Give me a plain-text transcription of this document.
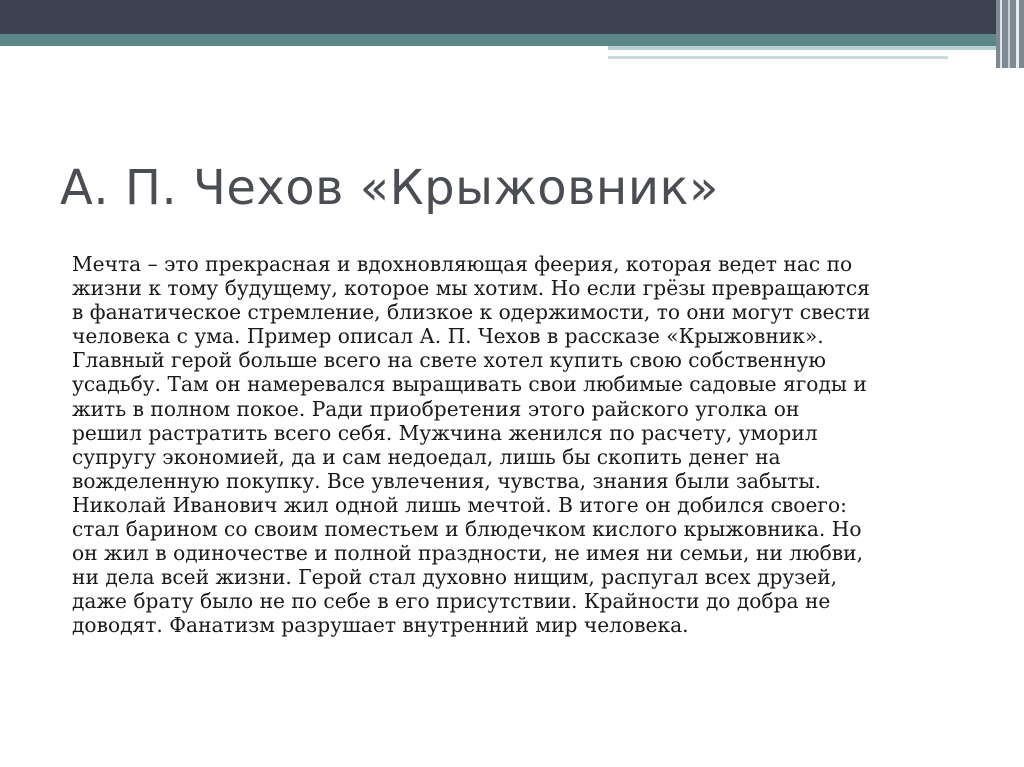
А. П. Чехов «Крыжовник»
Мечта – это прекрасная и вдохновляющая феерия, которая ведет нас по
жизни к тому будущему, которое мы хотим. Но если грёзы превращаются
в фанатическое стремление, близкое к одержимости, то они могут свести
человека с ума. Пример описал А. П. Чехов в рассказе «Крыжовник».
Главный герой больше всего на свете хотел купить свою собственную
усадьбу. Там он намеревался выращивать свои любимые садовые ягоды и
жить в полном покое. Ради приобретения этого райского уголка он
решил растратить всего себя. Мужчина женился по расчету, уморил
супругу экономией, да и сам недоедал, лишь бы скопить денег на
вожделенную покупку. Все увлечения, чувства, знания были забыты.
Николай Иванович жил одной лишь мечтой. В итоге он добился своего:
стал барином со своим поместьем и блюдечком кислого крыжовника. Но
он жил в одиночестве и полной праздности, не имея ни семьи, ни любви,
ни дела всей жизни. Герой стал духовно нищим, распугал всех друзей,
даже брату было не по себе в его присутствии. Крайности до добра не
доводят. Фанатизм разрушает внутренний мир человека.
